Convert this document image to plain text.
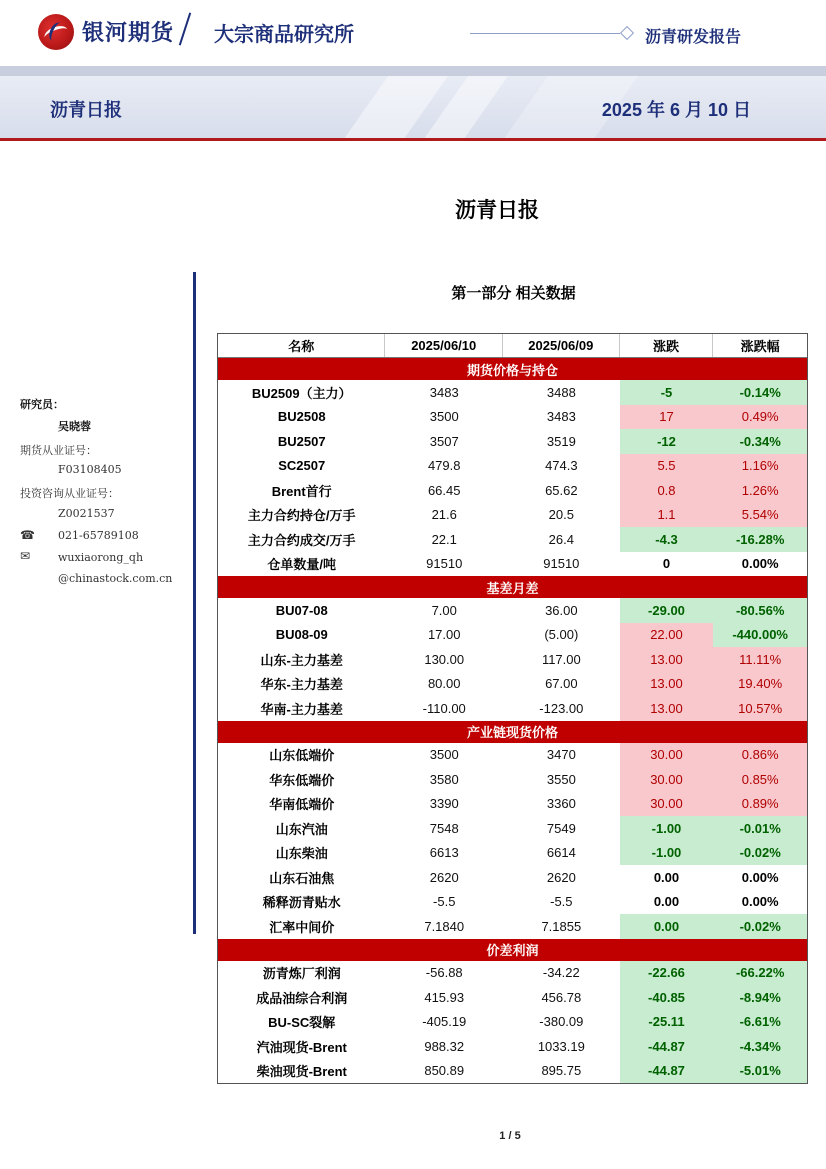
银河期货 大宗商品研究所	沥青研发报告
沥青日报	2025 年 6 月 10 日
沥青日报
研究员：
吴晓蓉
期货从业证号：
F03108405
投资咨询从业证号：
Z0021537
☎ 021-65789108
✉	wuxiaorong_qh
@chinastock.com.cn
第一部分 相关数据
名称	2025/06/10	2025/06/09	涨跌	涨跌幅
期货价格与持仓
BU2509（主力）	3483	3488	-5	-0.14%
BU2508	3500	3483	17	0.49%
BU2507	3507	3519	-12	-0.34%
SC2507	479.8	474.3	5.5	1.16%
Brent首行	66.45	65.62	0.8	1.26%
主力合约持仓/万手	21.6	20.5	1.1	5.54%
主力合约成交/万手	22.1	26.4	-4.3	-16.28%
仓单数量/吨	91510	91510	0	0.00%
基差月差
BU07-08	7.00	36.00	-29.00	-80.56%
BU08-09	17.00	(5.00)	22.00	-440.00%
山东-主力基差	130.00	117.00	13.00	11.11%
华东-主力基差	80.00	67.00	13.00	19.40%
华南-主力基差	-110.00	-123.00	13.00	10.57%
产业链现货价格
山东低端价	3500	3470	30.00	0.86%
华东低端价	3580	3550	30.00	0.85%
华南低端价	3390	3360	30.00	0.89%
山东汽油	7548	7549	-1.00	-0.01%
山东柴油	6613	6614	-1.00	-0.02%
山东石油焦	2620	2620	0.00	0.00%
稀释沥青贴水	-5.5	-5.5	0.00	0.00%
汇率中间价	7.1840	7.1855	0.00	-0.02%
价差利润
沥青炼厂利润	-56.88	-34.22	-22.66	-66.22%
成品油综合利润	415.93	456.78	-40.85	-8.94%
BU-SC裂解	-405.19	-380.09	-25.11	-6.61%
汽油现货-Brent	988.32	1033.19	-44.87	-4.34%
柴油现货-Brent	850.89	895.75	-44.87	-5.01%
1 / 5
